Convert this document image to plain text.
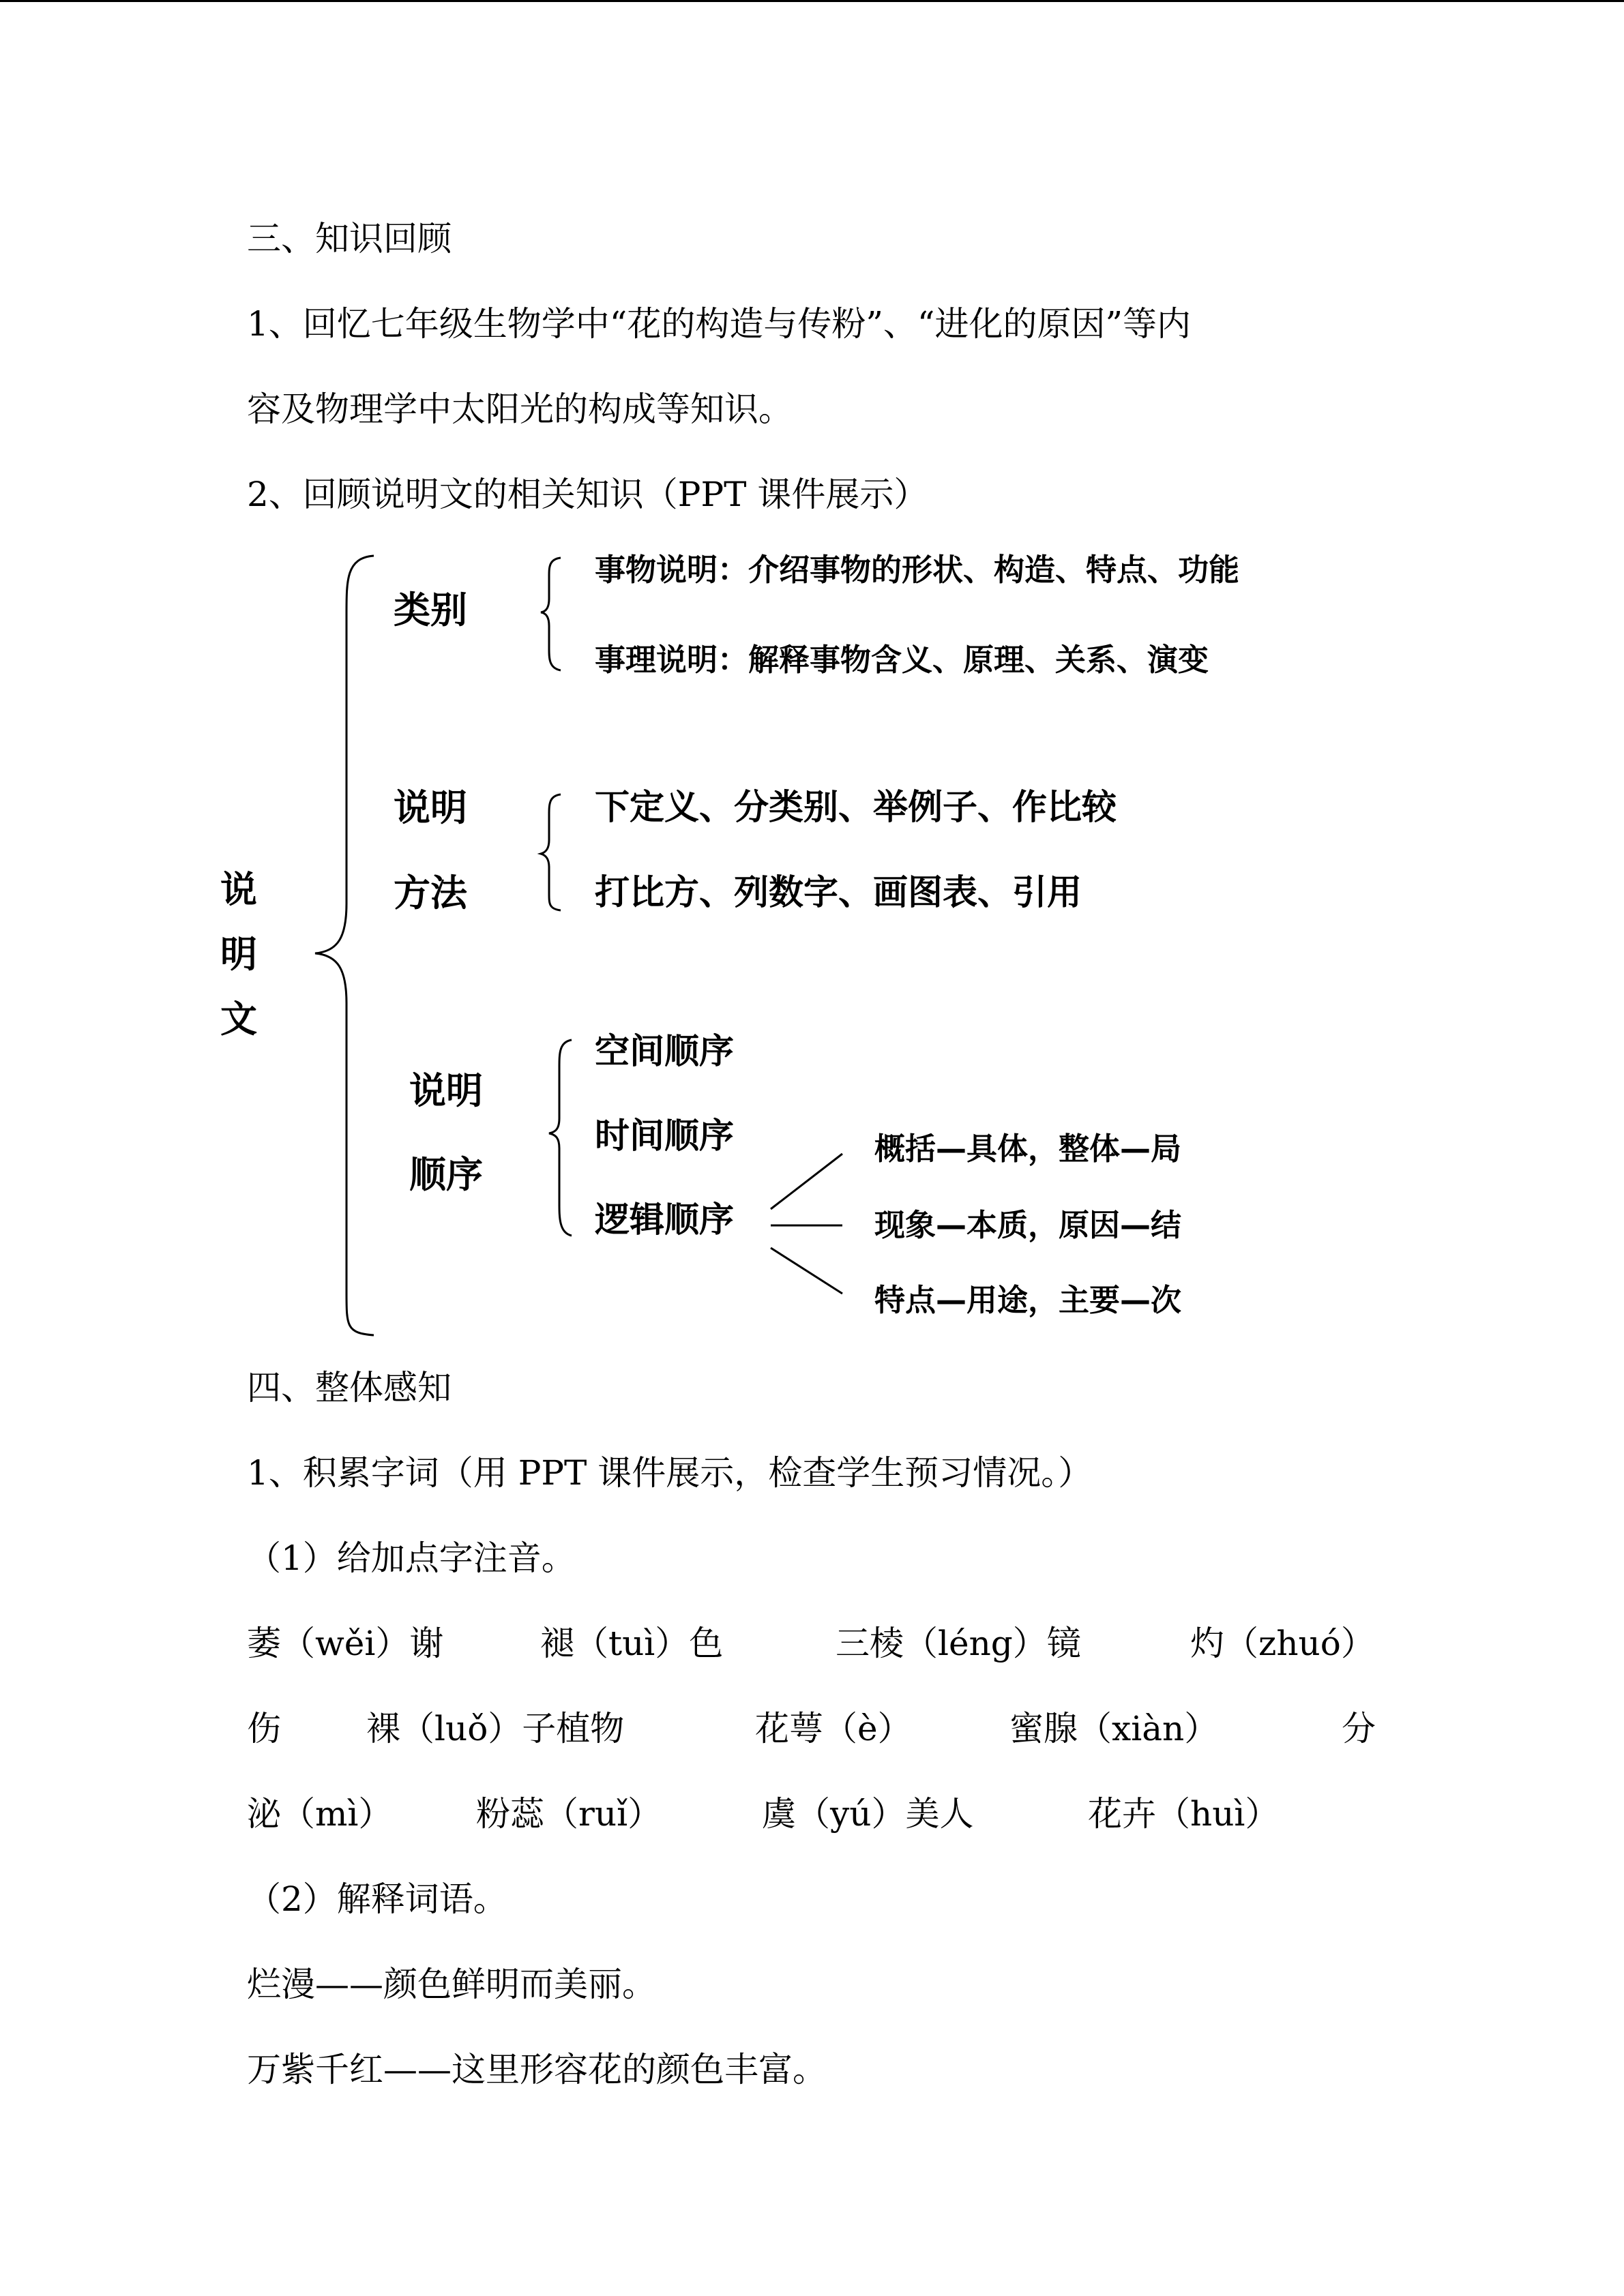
三、知识回顾
1、回忆七年级生物学中“花的构造与传粉”、“进化的原因”等内
容及物理学中太阳光的构成等知识。
2、回顾说明文的相关知识（PPT 课件展示）
说
明
文
类别
事物说明：介绍事物的形状、构造、特点、功能
事理说明：解释事物含义、原理、关系、演变
说明
方法
下定义、分类别、举例子、作比较
打比方、列数字、画图表、引用
说明
顺序
空间顺序
时间顺序
逻辑顺序
概括—具体，整体—局
现象—本质，原因—结
特点—用途，主要—次
四、整体感知
1、积累字词（用 PPT 课件展示，检查学生预习情况。）
（1）给加点字注音。
萎（wěi）谢	褪（tuì）色	三棱（léng）镜	灼（zhuó）
伤	裸（luǒ）子植物	花萼（è）	蜜腺（xiàn）	分
泌（mì） 粉蕊（ruǐ）	虞（yú）美人	花卉（huì）
（2）解释词语。
烂漫——颜色鲜明而美丽。
万紫千红——这里形容花的颜色丰富。
